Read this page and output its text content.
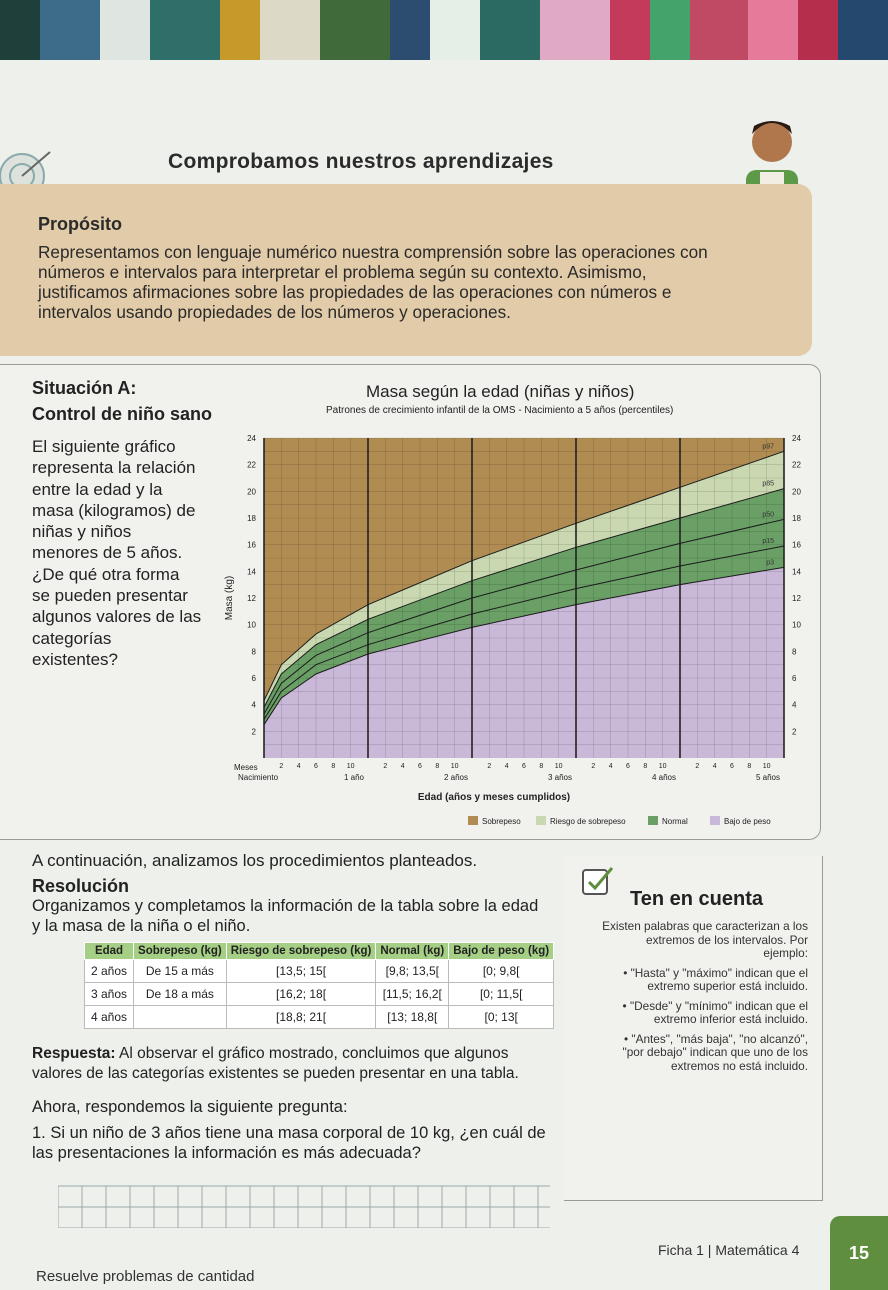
Comprobamos nuestros aprendizajes
Propósito
Representamos con lenguaje numérico nuestra comprensión sobre las operaciones con números e intervalos para interpretar el problema según su contexto. Asimismo, justificamos afirmaciones sobre las propiedades de las operaciones con números e intervalos usando propiedades de los números y operaciones.
Situación A:
Control de niño sano
El siguiente gráfico representa la relación entre la edad y la masa (kilogramos) de niñas y niños menores de 5 años. ¿De qué otra forma se pueden presentar algunos valores de las categorías existentes?
Masa según la edad (niñas y niños)
Patrones de crecimiento infantil de la OMS - Nacimiento a 5 años (percentiles)
2	2
4	4
6	6
8	8
10	10
12	12
14	14
16	16
18	18
20	20
22	22
24	24
p97
p85
p50
p15
p3
Masa (kg)
Meses
Nacimiento
2 4 6 8 10	2 4 6 8 10	2 4 6 8 10	2 4 6 8 10	2 4 6 8 10
1 año	2 años	3 años	4 años	5 años
Edad (años y meses cumplidos)
Sobrepeso	Riesgo de sobrepeso	Normal	Bajo de peso
A continuación, analizamos los procedimientos planteados.
Resolución
Organizamos y completamos la información de la tabla sobre la edad y la masa de la niña o el niño.
Edad	Sobrepeso (kg)	Riesgo de sobrepeso (kg)	Normal (kg)	Bajo de peso (kg)
2 años	De 15 a más	[13,5; 15[	[9,8; 13,5[	[0; 9,8[
3 años	De 18 a más	[16,2; 18[	[11,5; 16,2[	[0; 11,5[
4 años		[18,8; 21[	[13; 18,8[	[0; 13[
Respuesta: Al observar el gráfico mostrado, concluimos que algunos valores de las categorías existentes se pueden presentar en una tabla.
Ahora, respondemos la siguiente pregunta:
1. Si un niño de 3 años tiene una masa corporal de 10 kg, ¿en cuál de las presentaciones la información es más adecuada?
Ten en cuenta

Existen palabras que caracterizan a los extremos de los intervalos. Por ejemplo:

• "Hasta" y "máximo" indican que el extremo superior está incluido.

• "Desde" y "mínimo" indican que el extremo inferior está incluido.

• "Antes", "más baja", "no alcanzó", "por debajo" indican que uno de los extremos no está incluido.

Resuelve problemas de cantidad
Ficha 1 | Matemática 4	15
